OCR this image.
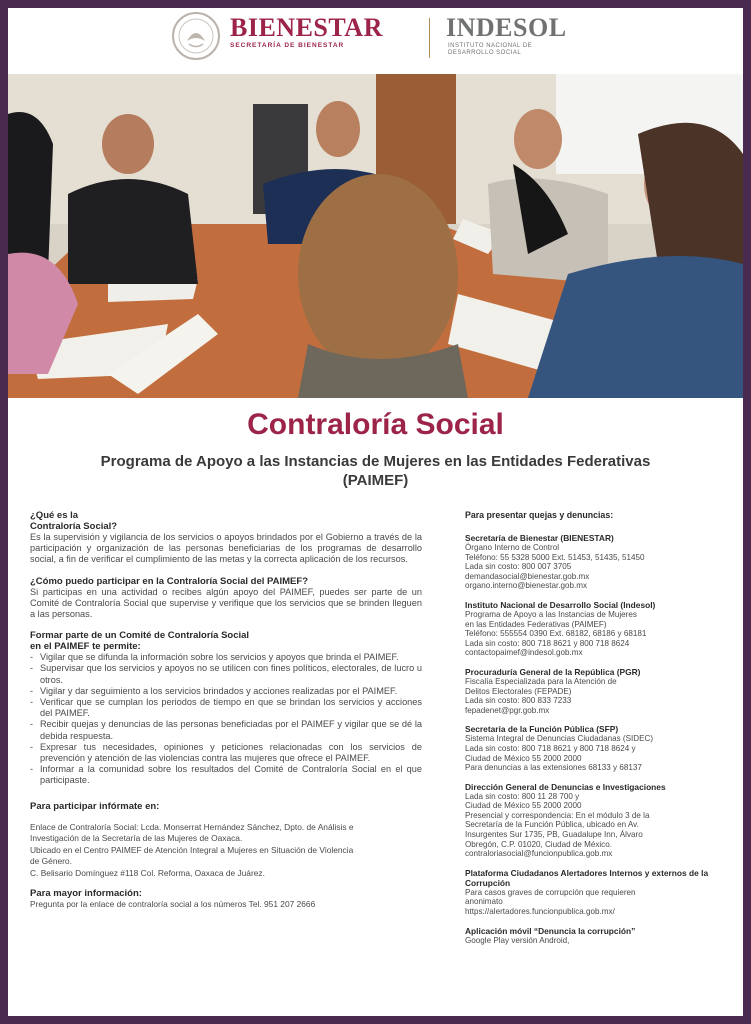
BIENESTAR
SECRETARÍA DE BIENESTAR
INDESOL
INSTITUTO NACIONAL DE
DESARROLLO SOCIAL
Contraloría Social
Programa de Apoyo a las Instancias de Mujeres en las Entidades Federativas
(PAIMEF)
¿Qué es la
Contraloría Social?

Es la supervisión y vigilancia de los servicios o apoyos brindados por el Gobierno a través de la participación y organización de las personas beneficiarias de los programas de desarrollo social, a fin de verificar el cumplimiento de las metas y la correcta aplicación de los recursos.

¿Cómo puedo participar en la Contraloría Social del PAIMEF?

Si participas en una actividad o recibes algún apoyo del PAIMEF, puedes ser parte de un Comité de Contraloría Social que supervise y verifique que los servicios que se brinden lleguen a las personas.

Formar parte de un Comité de Contraloría Social
en el PAIMEF te permite:
- Vigilar que se difunda la información sobre los servicios y apoyos que brinda el PAIMEF.
- Supervisar que los servicios y apoyos no se utilicen con fines políticos, electorales, de lucro u otros.
- Vigilar y dar seguimiento a los servicios brindados y acciones realizadas por el PAIMEF.
- Verificar que se cumplan los periodos de tiempo en que se brindan los servicios y acciones del PAIMEF.
- Recibir quejas y denuncias de las personas beneficiadas por el PAIMEF y vigilar que se dé la debida respuesta.
- Expresar tus necesidades, opiniones y peticiones relacionadas con los servicios de prevención y atención de las violencias contra las mujeres que ofrece el PAIMEF.
- Informar a la comunidad sobre los resultados del Comité de Contraloría Social en el que participaste.
Para participar infórmate en:

Enlace de Contraloría Social: Lcda. Monserrat Hernández Sánchez, Dpto. de Análisis e

Investigación de la Secretaría de las Mujeres de Oaxaca.

Ubicado en el Centro PAIMEF de Atención Integral a Mujeres en Situación de Violencia

de Género.

C. Belisario Domínguez #118 Col. Reforma, Oaxaca de Juárez.

Para mayor información:

Pregunta por la enlace de contraloría social a los números Tel. 951 207 2666

Para presentar quejas y denuncias:
Secretaría de Bienestar (BIENESTAR)

Órgano Interno de Control

Teléfono: 55 5328 5000 Ext. 51453, 51435, 51450

Lada sin costo: 800 007 3705

demandasocial@bienestar.gob.mx

organo.interno@bienestar.gob.mx

Instituto Nacional de Desarrollo Social (Indesol)

Programa de Apoyo a las Instancias de Mujeres

en las Entidades Federativas (PAIMEF)

Teléfono: 555554 0390 Ext. 68182, 68186 y 68181

Lada sin costo: 800 718 8621 y 800 718 8624

contactopaimef@indesol.gob.mx

Procuraduría General de la República (PGR)

Fiscalía Especializada para la Atención de

Delitos Electorales (FEPADE)

Lada sin costo: 800 833 7233

fepadenet@pgr.gob.mx

Secretaría de la Función Pública (SFP)

Sistema Integral de Denuncias Ciudadanas (SIDEC)

Lada sin costo: 800 718 8621 y 800 718 8624 y

Ciudad de México 55 2000 2000

Para denuncias a las extensiones 68133 y 68137

Dirección General de Denuncias e Investigaciones

Lada sin costo: 800 11 28 700 y

Ciudad de México 55 2000 2000

Presencial y correspondencia: En el módulo 3 de la

Secretaría de la Función Pública, ubicado en Av.

Insurgentes Sur 1735, PB, Guadalupe Inn, Álvaro

Obregón, C.P. 01020, Ciudad de México.

contraloriasocial@funcionpublica.gob.mx

Plataforma Ciudadanos Alertadores Internos y externos de la Corrupción

Para casos graves de corrupción que requieren

anonimato

https://alertadores.funcionpublica.gob.mx/

Aplicación móvil “Denuncia la corrupción”

Google Play versión Android,
